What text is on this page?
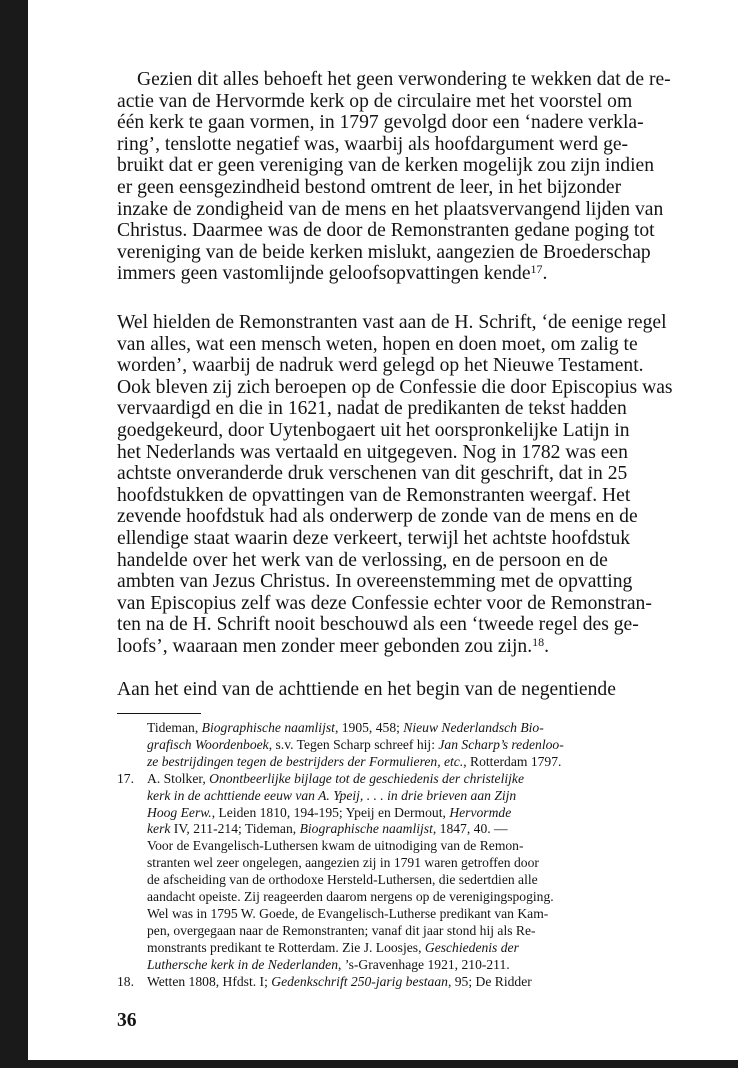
Gezien dit alles behoeft het geen verwondering te wekken dat de re-
actie van de Hervormde kerk op de circulaire met het voorstel om
één kerk te gaan vormen, in 1797 gevolgd door een ‘nadere verkla-
ring’, tenslotte negatief was, waarbij als hoofdargument werd ge-
bruikt dat er geen vereniging van de kerken mogelijk zou zijn indien
er geen eensgezindheid bestond omtrent de leer, in het bijzonder
inzake de zondigheid van de mens en het plaatsvervangend lijden van
Christus. Daarmee was de door de Remonstranten gedane poging tot
vereniging van de beide kerken mislukt, aangezien de Broederschap
immers geen vastomlijnde geloofsopvattingen kende$^{17}$.

Wel hielden de Remonstranten vast aan de H. Schrift, ‘de eenige regel
van alles, wat een mensch weten, hopen en doen moet, om zalig te
worden’, waarbij de nadruk werd gelegd op het Nieuwe Testament.
Ook bleven zij zich beroepen op de Confessie die door Episcopius was
vervaardigd en die in 1621, nadat de predikanten de tekst hadden
goedgekeurd, door Uytenbogaert uit het oorspronkelijke Latijn in
het Nederlands was vertaald en uitgegeven. Nog in 1782 was een
achtste onveranderde druk verschenen van dit geschrift, dat in 25
hoofdstukken de opvattingen van de Remonstranten weergaf. Het
zevende hoofdstuk had als onderwerp de zonde van de mens en de
ellendige staat waarin deze verkeert, terwijl het achtste hoofdstuk
handelde over het werk van de verlossing, en de persoon en de
ambten van Jezus Christus. In overeenstemming met de opvatting
van Episcopius zelf was deze Confessie echter voor de Remonstran-
ten na de H. Schrift nooit beschouwd als een ‘tweede regel des ge-
loofs’, waaraan men zonder meer gebonden zou zijn.$^{18}$.

Aan het eind van de achttiende en het begin van de negentiende

Tideman, Biographische naamlijst, 1905, 458; Nieuw Nederlandsch Bio-
grafisch Woordenboek, s.v. Tegen Scharp schreef hij: Jan Scharp’s redenloo-
ze bestrijdingen tegen de bestrijders der Formulieren, etc., Rotterdam 1797.
17. A. Stolker, Onontbeerlijke bijlage tot de geschiedenis der christelijke
kerk in de achttiende eeuw van A. Ypeij, . . . in drie brieven aan Zijn
Hoog Eerw., Leiden 1810, 194-195; Ypeij en Dermout, Hervormde
kerk IV, 211-214; Tideman, Biographische naamlijst, 1847, 40. —
Voor de Evangelisch-Luthersen kwam de uitnodiging van de Remon-
stranten wel zeer ongelegen, aangezien zij in 1791 waren getroffen door
de afscheiding van de orthodoxe Hersteld-Luthersen, die sedertdien alle
aandacht opeiste. Zij reageerden daarom nergens op de verenigingspoging.
Wel was in 1795 W. Goede, de Evangelisch-Lutherse predikant van Kam-
pen, overgegaan naar de Remonstranten; vanaf dit jaar stond hij als Re-
monstrants predikant te Rotterdam. Zie J. Loosjes, Geschiedenis der
Luthersche kerk in de Nederlanden, ’s-Gravenhage 1921, 210-211.
18. Wetten 1808, Hfdst. I; Gedenkschrift 250-jarig bestaan, 95; De Ridder
36
